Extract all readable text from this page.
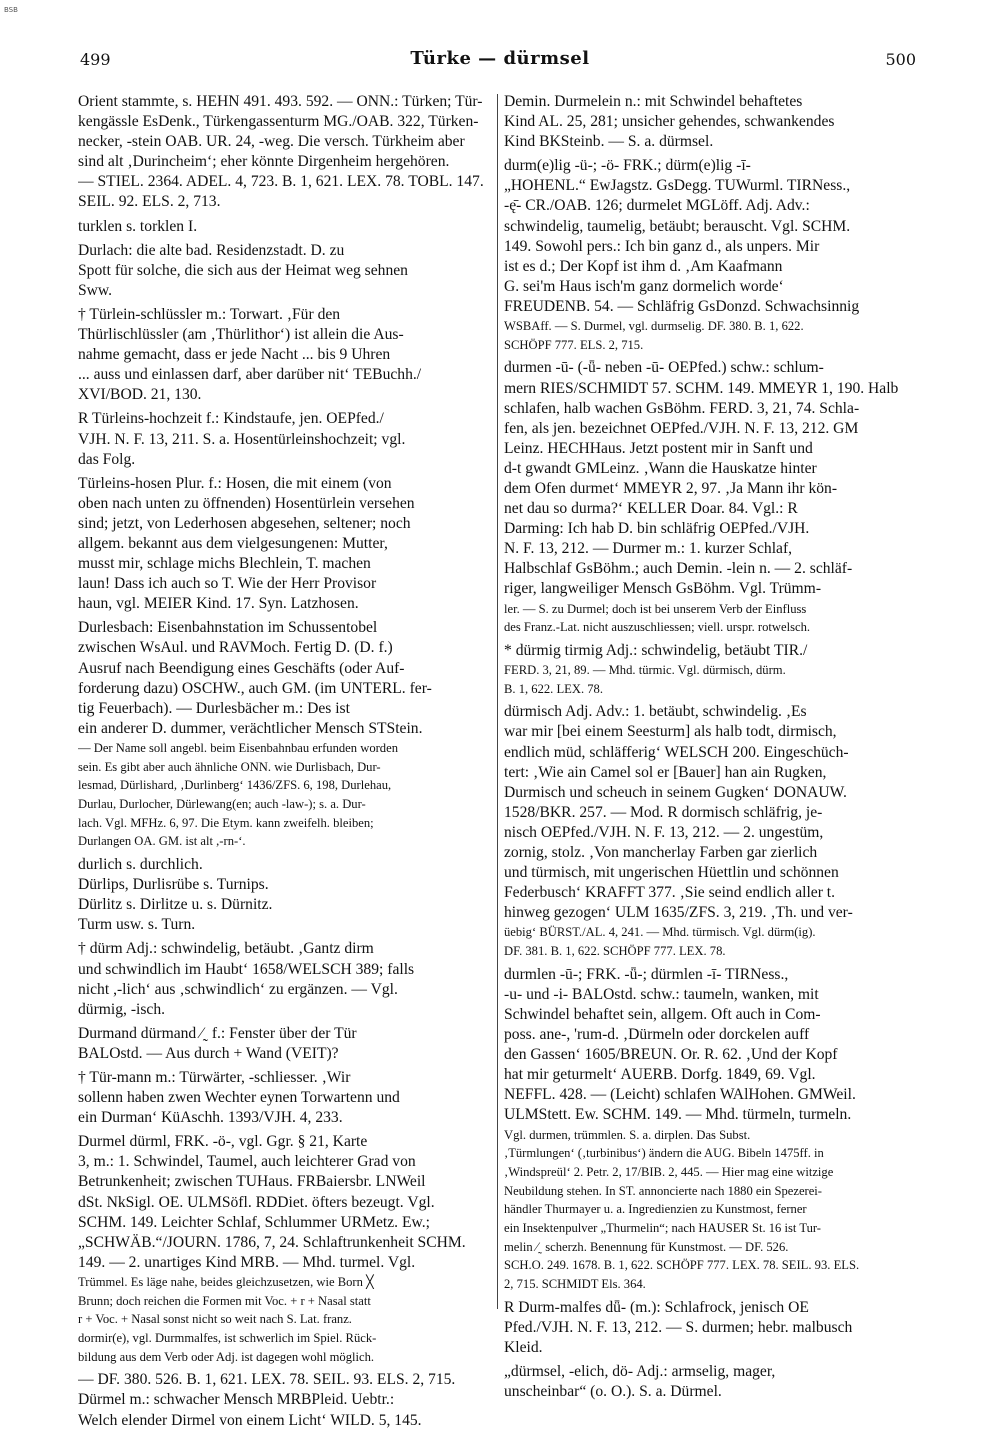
BSB
499	Türke — dürmsel	500
Orient stammte, s. HEHN 491. 493. 592. — ONN.: Türken; Tür-
kengässle EsDenk., Türkengassenturm MG./OAB. 322, Türken-
necker, -stein OAB. UR. 24, -weg. Die versch. Türkheim aber
sind alt ‚Durincheim‘; eher könnte Dirgenheim hergehören.
— STIEL. 2364. ADEL. 4, 723. B. 1, 621. LEX. 78. TOBL. 147.
SEIL. 92. ELS. 2, 713.
turklen s. torklen I.
Durlach: die alte bad. Residenzstadt. D. zu
Spott für solche, die sich aus der Heimat weg sehnen
Sww.
† Türlein-schlüssler m.: Torwart. ‚Für den
Thürlischlüssler (am ‚Thürlithor‘) ist allein die Aus-
nahme gemacht, dass er jede Nacht ... bis 9 Uhren
... auss und einlassen darf, aber darüber nit‘ TEBuchh./
XVI/BOD. 21, 130.
R Türleins-hochzeit f.: Kindstaufe, jen. OEPfed./
VJH. N. F. 13, 211. S. a. Hosentürleinshochzeit; vgl.
das Folg.
Türleins-hosen Plur. f.: Hosen, die mit einem (von
oben nach unten zu öffnenden) Hosentürlein versehen
sind; jetzt, von Lederhosen abgesehen, seltener; noch
allgem. bekannt aus dem vielgesungenen: Mutter,
musst mir, schlage michs Blechlein, T. machen
laun! Dass ich auch so T. Wie der Herr Provisor
haun, vgl. MEIER Kind. 17. Syn. Latzhosen.
Durlesbach: Eisenbahnstation im Schussentobel
zwischen WsAul. und RAVMoch. Fertig D. (D. f.)
Ausruf nach Beendigung eines Geschäfts (oder Auf-
forderung dazu) OSCHW., auch GM. (im UNTERL. fer-
tig Feuerbach). — Durlesbächer m.: Des ist
ein anderer D. dummer, verächtlicher Mensch STStein.
— Der Name soll angebl. beim Eisenbahnbau erfunden worden
sein. Es gibt aber auch ähnliche ONN. wie Durlisbach, Dur-
lesmad, Dürlishard, ‚Durlinberg‘ 1436/ZFS. 6, 198, Durlehau,
Durlau, Durlocher, Dürlewang(en; auch -law-); s. a. Dur-
lach. Vgl. MFHz. 6, 97. Die Etym. kann zweifelh. bleiben;
Durlangen OA. GM. ist alt ,-rn-‘.
durlich s. durchlich.
Dürlips, Durlisrübe s. Turnips.
Dürlitz s. Dirlitze u. s. Dürnitz.
Turm usw. s. Turn.
† dürm Adj.: schwindelig, betäubt. ‚Gantz dirm
und schwindlich im Haubt‘ 1658/WELSCH 389; falls
nicht ,-lich‘ aus ‚schwindlich‘ zu ergänzen. — Vgl.
dürmig, -isch.
Durmand dürmand ⁄˷ f.: Fenster über der Tür
BALOstd. — Aus durch + Wand (VEIT)?
† Tür-mann m.: Türwärter, -schliesser. ‚Wir
sollenn haben zwen Wechter eynen Torwartenn und
ein Durman‘ KüAschh. 1393/VJH. 4, 233.
Durmel dürml, FRK. -ö-, vgl. Ggr. § 21, Karte
3, m.: 1. Schwindel, Taumel, auch leichterer Grad von
Betrunkenheit; zwischen TUHaus. FRBaiersbr. LNWeil
dSt. NkSigl. OE. ULMSöfl. RDDiet. öfters bezeugt. Vgl.
SCHM. 149. Leichter Schlaf, Schlummer URMetz. Ew.;
„SCHWÄB.“/JOURN. 1786, 7, 24. Schlaftrunkenheit SCHM.
149. — 2. unartiges Kind MRB. — Mhd. turmel. Vgl.
Trümmel. Es läge nahe, beides gleichzusetzen, wie Born ╳
Brunn; doch reichen die Formen mit Voc. + r + Nasal statt
r + Voc. + Nasal sonst nicht so weit nach S. Lat. franz.
dormir(e), vgl. Durmmalfes, ist schwerlich im Spiel. Rück-
bildung aus dem Verb oder Adj. ist dagegen wohl möglich.
— DF. 380. 526. B. 1, 621. LEX. 78. SEIL. 93. ELS. 2, 715.
Dürmel m.: schwacher Mensch MRBPleid. Uebtr.:
Welch elender Dirmel von einem Licht‘ WILD. 5, 145.
Demin. Durmelein n.: mit Schwindel behaftetes
Kind AL. 25, 281; unsicher gehendes, schwankendes
Kind BKSteinb. — S. a. dürmsel.
durm(e)lig -ü-; -ö- FRK.; dürm(e)lig -ī-
„HOHENL.“ EwJagstz. GsDegg. TUWurml. TIRNess.,
-ę̄- CR./OAB. 126; durmelet MGLöff. Adj. Adv.:
schwindelig, taumelig, betäubt; berauscht. Vgl. SCHM.
149. Sowohl pers.: Ich bin ganz d., als unpers. Mir
ist es d.; Der Kopf ist ihm d. ‚Am Kaafmann
G. sei'm Haus isch'm ganz dormelich worde‘
FREUDENB. 54. — Schläfrig GsDonzd. Schwachsinnig
WSBAff. — S. Durmel, vgl. durmselig. DF. 380. B. 1, 622.
SCHÖPF 777. ELS. 2, 715.
durmen -ū- (-ǖ- neben -ū- OEPfed.) schw.: schlum-
mern RIES/SCHMIDT 57. SCHM. 149. MMEYR 1, 190. Halb
schlafen, halb wachen GsBöhm. FERD. 3, 21, 74. Schla-
fen, als jen. bezeichnet OEPfed./VJH. N. F. 13, 212. GM
Leinz. HECHHaus. Jetzt postent mir in Sanft und
d-t gwandt GMLeinz. ‚Wann die Hauskatze hinter
dem Ofen durmet‘ MMEYR 2, 97. ‚Ja Mann ihr kön-
net dau so durma?‘ KELLER Doar. 84. Vgl.: R
Darming: Ich hab D. bin schläfrig OEPfed./VJH.
N. F. 13, 212. — Durmer m.: 1. kurzer Schlaf,
Halbschlaf GsBöhm.; auch Demin. -lein n. — 2. schläf-
riger, langweiliger Mensch GsBöhm. Vgl. Trümm-
ler. — S. zu Durmel; doch ist bei unserem Verb der Einfluss
des Franz.-Lat. nicht auszuschliessen; viell. urspr. rotwelsch.
* dürmig tirmig Adj.: schwindelig, betäubt TIR./
FERD. 3, 21, 89. — Mhd. türmic. Vgl. dürmisch, dürm.
B. 1, 622. LEX. 78.
dürmisch Adj. Adv.: 1. betäubt, schwindelig. ‚Es
war mir [bei einem Seesturm] als halb todt, dirmisch,
endlich müd, schläfferig‘ WELSCH 200. Eingeschüch-
tert: ‚Wie ain Camel sol er [Bauer] han ain Rugken,
Durmisch und scheuch in seinem Gugken‘ DONAUW.
1528/BKR. 257. — Mod. R dormisch schläfrig, je-
nisch OEPfed./VJH. N. F. 13, 212. — 2. ungestüm,
zornig, stolz. ‚Von mancherlay Farben gar zierlich
und türmisch, mit ungerischen Hüettlin und schönnen
Federbusch‘ KRAFFT 377. ‚Sie seind endlich aller t.
hinweg gezogen‘ ULM 1635/ZFS. 3, 219. ‚Th. und ver-
üebig‘ BÜRST./AL. 4, 241. — Mhd. türmisch. Vgl. dürm(ig).
DF. 381. B. 1, 622. SCHÖPF 777. LEX. 78.
durmlen -ū-; FRK. -ǖ-; dürmlen -ī- TIRNess.,
-u- und -i- BALOstd. schw.: taumeln, wanken, mit
Schwindel behaftet sein, allgem. Oft auch in Com-
poss. ane-, 'rum-d. ‚Dürmeln oder dorckelen auff
den Gassen‘ 1605/BREUN. Or. R. 62. ‚Und der Kopf
hat mir geturmelt‘ AUERB. Dorfg. 1849, 69. Vgl.
NEFFL. 428. — (Leicht) schlafen WAlHohen. GMWeil.
ULMStett. Ew. SCHM. 149. — Mhd. türmeln, turmeln.
Vgl. durmen, trümmlen. S. a. dirplen. Das Subst.
‚Türmlungen‘ (‚turbinibus‘) ändern die AUG. Bibeln 1475ff. in
‚Windspreül‘ 2. Petr. 2, 17/BIB. 2, 445. — Hier mag eine witzige
Neubildung stehen. In ST. annoncierte nach 1880 ein Spezerei-
händler Thurmayer u. a. Ingredienzien zu Kunstmost, ferner
ein Insektenpulver „Thurmelin“; nach HAUSER St. 16 ist Tur-
melin ⁄˷ scherzh. Benennung für Kunstmost. — DF. 526.
SCH.O. 249. 1678. B. 1, 622. SCHÖPF 777. LEX. 78. SEIL. 93. ELS.
2, 715. SCHMIDT Els. 364.
R Durm-malfes dǖ- (m.): Schlafrock, jenisch OE
Pfed./VJH. N. F. 13, 212. — S. durmen; hebr. malbusch
Kleid.
„dürmsel, -elich, dö- Adj.: armselig, mager,
unscheinbar“ (o. O.). S. a. Dürmel.
